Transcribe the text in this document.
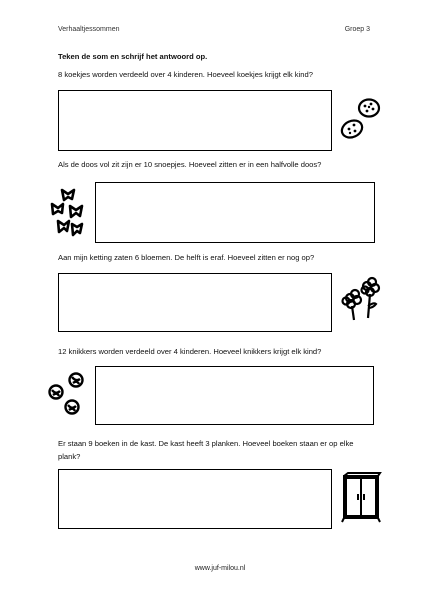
Verhaaltjessommen	Groep 3
Teken de som en schrijf het antwoord op.
8 koekjes worden verdeeld over 4 kinderen. Hoeveel koekjes krijgt elk kind?
Als de doos vol zit zijn er 10 snoepjes. Hoeveel zitten er in een halfvolle doos?
Aan mijn ketting zaten 6 bloemen. De helft is eraf. Hoeveel zitten er nog op?
12 knikkers worden verdeeld over 4 kinderen. Hoeveel knikkers krijgt elk kind?
Er staan 9 boeken in de kast. De kast heeft 3 planken. Hoeveel boeken staan er op elke plank?
www.juf-milou.nl
